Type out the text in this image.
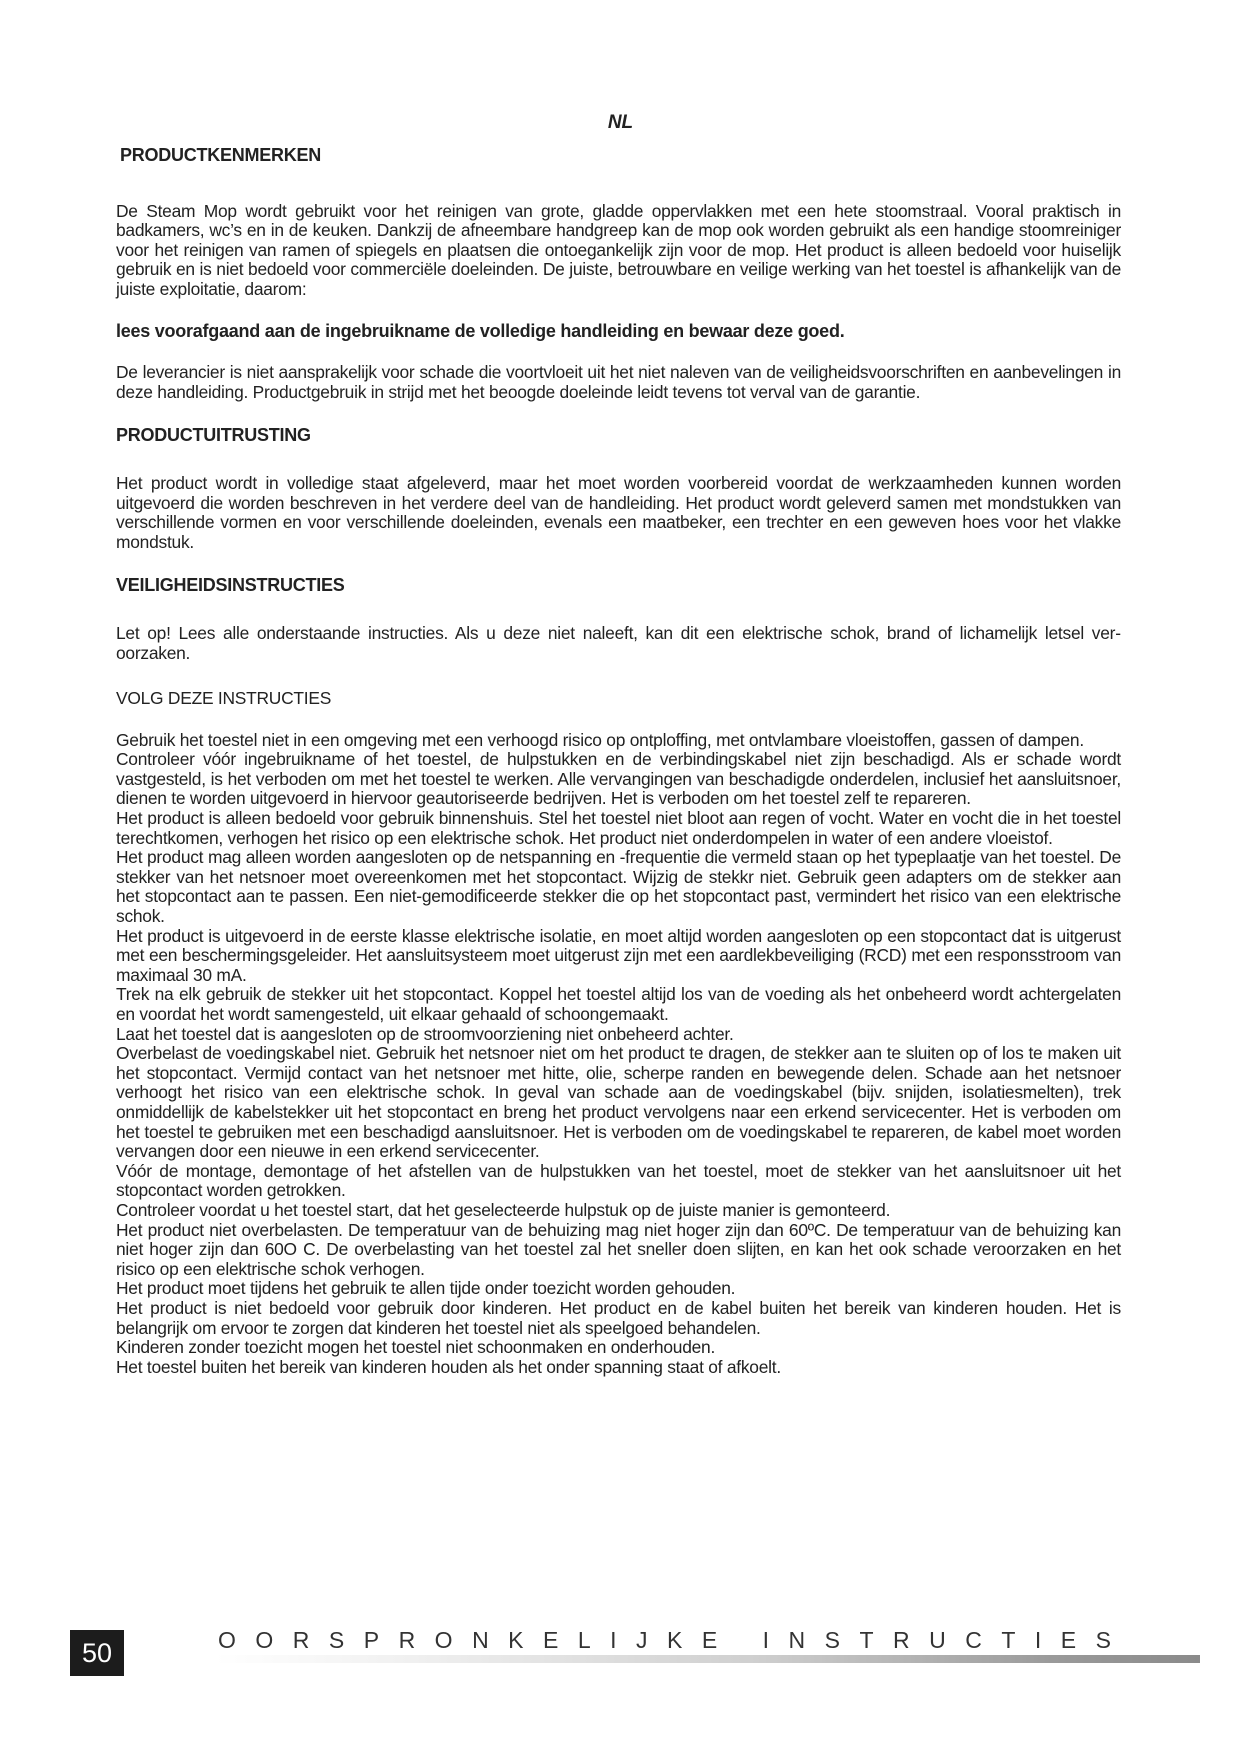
NL

PRODUCTKENMERKEN

De Steam Mop wordt gebruikt voor het reinigen van grote, gladde oppervlakken met een hete stoomstraal. Vooral praktisch in badkamers, wc’s en in de keuken. Dankzij de afneembare handgreep kan de mop ook worden gebruikt als een handige stoomreiniger voor het reinigen van ramen of spiegels en plaatsen die ontoegankelijk zijn voor de mop. Het product is alleen bedoeld voor huiselijk gebruik en is niet bedoeld voor commerciële doeleinden. De juiste, betrouwbare en veilige werking van het toestel is afhankelijk van de juiste exploitatie, daarom:

lees voorafgaand aan de ingebruikname de volledige handleiding en bewaar deze goed.

De leverancier is niet aansprakelijk voor schade die voortvloeit uit het niet naleven van de veiligheidsvoorschriften en aanbevelingen in deze handleiding. Productgebruik in strijd met het beoogde doeleinde leidt tevens tot verval van de garantie.

PRODUCTUITRUSTING

Het product wordt in volledige staat afgeleverd, maar het moet worden voorbereid voordat de werkzaamheden kunnen worden uitgevoerd die worden beschreven in het verdere deel van de handleiding. Het product wordt geleverd samen met mondstukken van verschillende vormen en voor verschillende doeleinden, evenals een maatbeker, een trechter en een geweven hoes voor het vlakke mondstuk.

VEILIGHEIDSINSTRUCTIES

Let op! Lees alle onderstaande instructies. Als u deze niet naleeft, kan dit een elektrische schok, brand of lichamelijk letsel veroorzaken.

VOLG DEZE INSTRUCTIES

Gebruik het toestel niet in een omgeving met een verhoogd risico op ontploffing, met ontvlambare vloeistoffen, gassen of dampen.

Controleer vóór ingebruikname of het toestel, de hulpstukken en de verbindingskabel niet zijn beschadigd. Als er schade wordt vastgesteld, is het verboden om met het toestel te werken. Alle vervangingen van beschadigde onderdelen, inclusief het aansluitsnoer, dienen te worden uitgevoerd in hiervoor geautoriseerde bedrijven. Het is verboden om het toestel zelf te repareren.

Het product is alleen bedoeld voor gebruik binnenshuis. Stel het toestel niet bloot aan regen of vocht. Water en vocht die in het toestel terechtkomen, verhogen het risico op een elektrische schok. Het product niet onderdompelen in water of een andere vloeistof.

Het product mag alleen worden aangesloten op de netspanning en -frequentie die vermeld staan op het typeplaatje van het toestel. De stekker van het netsnoer moet overeenkomen met het stopcontact. Wijzig de stekkr niet. Gebruik geen adapters om de stekker aan het stopcontact aan te passen. Een niet-gemodificeerde stekker die op het stopcontact past, vermindert het risico van een elektrische schok.

Het product is uitgevoerd in de eerste klasse elektrische isolatie, en moet altijd worden aangesloten op een stopcontact dat is uitgerust met een beschermingsgeleider. Het aansluitsysteem moet uitgerust zijn met een aardlekbeveiliging (RCD) met een responsstroom van maximaal 30 mA.

Trek na elk gebruik de stekker uit het stopcontact. Koppel het toestel altijd los van de voeding als het onbeheerd wordt achtergelaten en voordat het wordt samengesteld, uit elkaar gehaald of schoongemaakt.

Laat het toestel dat is aangesloten op de stroomvoorziening niet onbeheerd achter.

Overbelast de voedingskabel niet. Gebruik het netsnoer niet om het product te dragen, de stekker aan te sluiten op of los te maken uit het stopcontact. Vermijd contact van het netsnoer met hitte, olie, scherpe randen en bewegende delen. Schade aan het netsnoer verhoogt het risico van een elektrische schok. In geval van schade aan de voedingskabel (bijv. snijden, isolatiesmelten), trek onmiddellijk de kabelstekker uit het stopcontact en breng het product vervolgens naar een erkend servicecenter. Het is verboden om het toestel te gebruiken met een beschadigd aansluitsnoer. Het is verboden om de voedingskabel te repareren, de kabel moet worden vervangen door een nieuwe in een erkend servicecenter.

Vóór de montage, demontage of het afstellen van de hulpstukken van het toestel, moet de stekker van het aansluitsnoer uit het stopcontact worden getrokken.

Controleer voordat u het toestel start, dat het geselecteerde hulpstuk op de juiste manier is gemonteerd.

Het product niet overbelasten. De temperatuur van de behuizing mag niet hoger zijn dan 60ºC. De temperatuur van de behuizing kan niet hoger zijn dan 60O C. De overbelasting van het toestel zal het sneller doen slijten, en kan het ook schade veroorzaken en het risico op een elektrische schok verhogen.

Het product moet tijdens het gebruik te allen tijde onder toezicht worden gehouden.

Het product is niet bedoeld voor gebruik door kinderen. Het product en de kabel buiten het bereik van kinderen houden. Het is belangrijk om ervoor te zorgen dat kinderen het toestel niet als speelgoed behandelen.

Kinderen zonder toezicht mogen het toestel niet schoonmaken en onderhouden.

Het toestel buiten het bereik van kinderen houden als het onder spanning staat of afkoelt.

50	OORSPRONKELIJKE INSTRUCTIES
